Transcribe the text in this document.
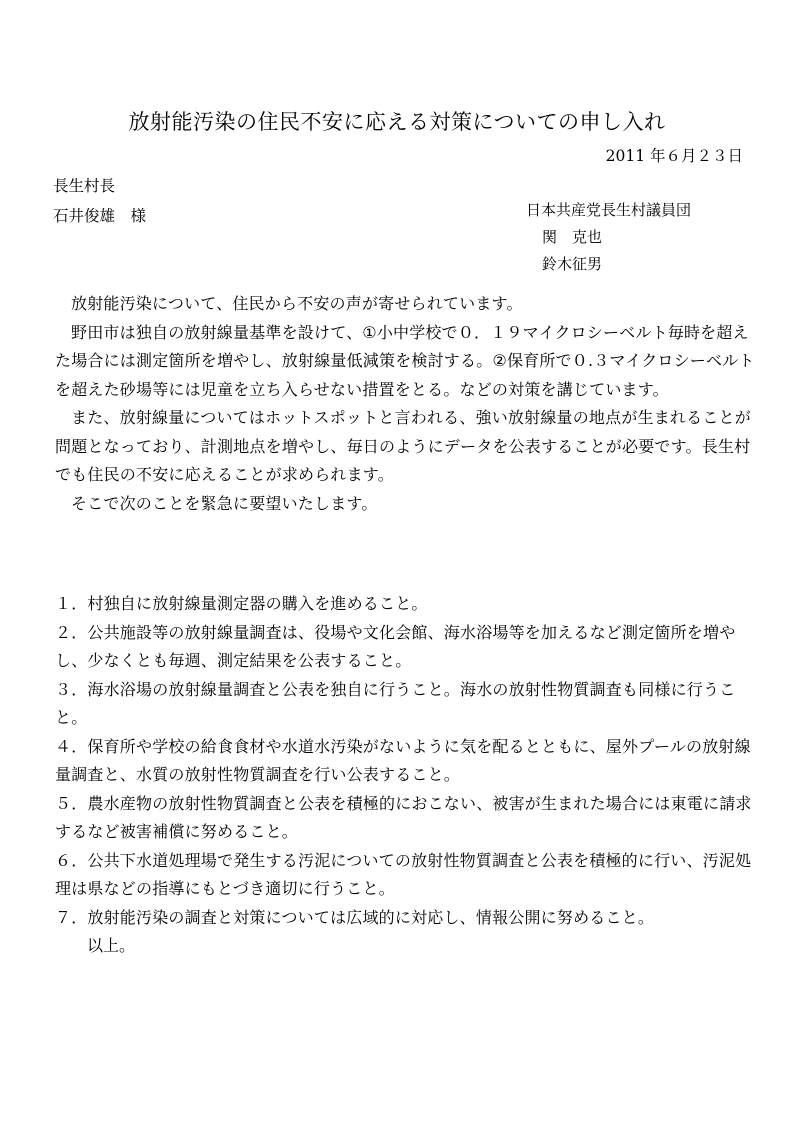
放射能汚染の住民不安に応える対策についての申し入れ
2011 年６月２３日
長生村長
石井俊雄　様	日本共産党長生村議員団
関　克也
鈴木征男

放射能汚染について、住民から不安の声が寄せられています。

野田市は独自の放射線量基準を設けて、①小中学校で０．１９マイクロシーベルト毎時を超えた場合には測定箇所を増やし、放射線量低減策を検討する。②保育所で０.３マイクロシーベルトを超えた砂場等には児童を立ち入らせない措置をとる。などの対策を講じています。

また、放射線量についてはホットスポットと言われる、強い放射線量の地点が生まれることが問題となっており、計測地点を増やし、毎日のようにデータを公表することが必要です。長生村でも住民の不安に応えることが求められます。

そこで次のことを緊急に要望いたします。

１．村独自に放射線量測定器の購入を進めること。
２．公共施設等の放射線量調査は、役場や文化会館、海水浴場等を加えるなど測定箇所を増やし、少なくとも毎週、測定結果を公表すること。
３．海水浴場の放射線量調査と公表を独自に行うこと。海水の放射性物質調査も同様に行うこと。
４．保育所や学校の給食食材や水道水汚染がないように気を配るとともに、屋外プールの放射線量調査と、水質の放射性物質調査を行い公表すること。
５．農水産物の放射性物質調査と公表を積極的におこない、被害が生まれた場合には東電に請求するなど被害補償に努めること。
６．公共下水道処理場で発生する汚泥についての放射性物質調査と公表を積極的に行い、汚泥処理は県などの指導にもとづき適切に行うこと。
７．放射能汚染の調査と対策については広域的に対応し、情報公開に努めること。
以上。
